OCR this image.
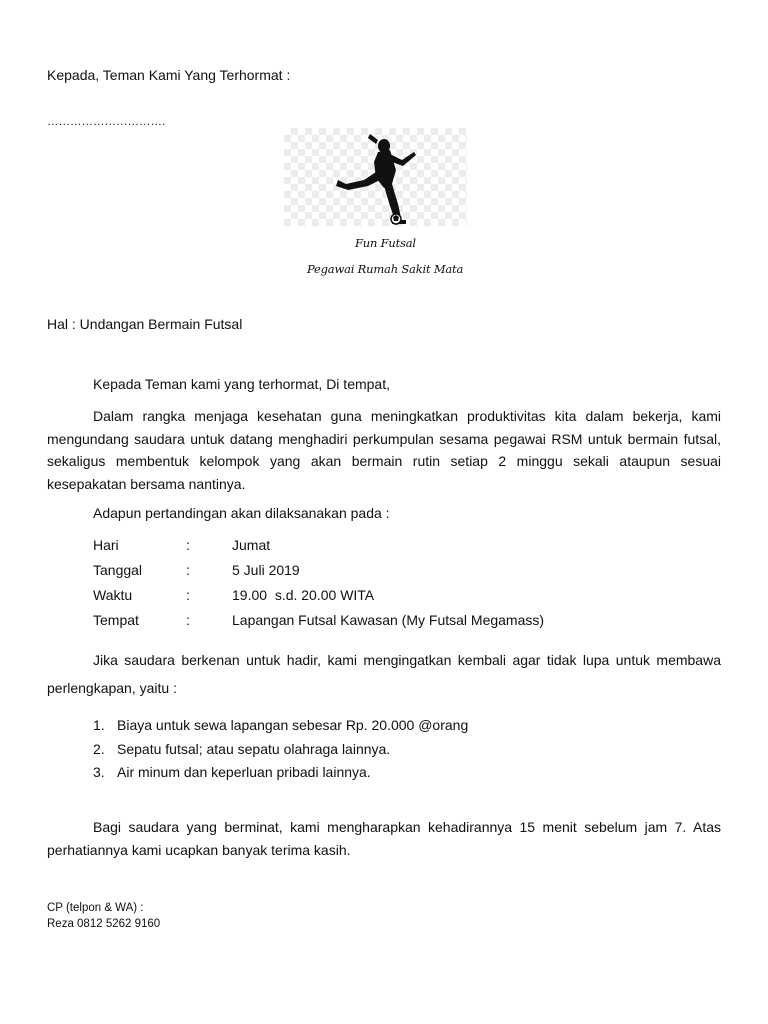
Kepada, Teman Kami Yang Terhormat :
………………………….
Fun Futsal
Pegawai Rumah Sakit Mata
Hal : Undangan Bermain Futsal
Kepada Teman kami yang terhormat, Di tempat,
Dalam rangka menjaga kesehatan guna meningkatkan produktivitas kita dalam bekerja, kami mengundang saudara untuk datang menghadiri perkumpulan sesama pegawai RSM untuk bermain futsal, sekaligus membentuk kelompok yang akan bermain rutin setiap 2 minggu sekali ataupun sesuai kesepakatan bersama nantinya.
Adapun pertandingan akan dilaksanakan pada :
Hari	:	Jumat
Tanggal	:	5 Juli 2019
Waktu	:	19.00  s.d. 20.00 WITA
Tempat	:	Lapangan Futsal Kawasan (My Futsal Megamass)
Jika saudara berkenan untuk hadir, kami mengingatkan kembali agar tidak lupa untuk membawa
perlengkapan, yaitu :
1. Biaya untuk sewa lapangan sebesar Rp. 20.000 @orang
2. Sepatu futsal; atau sepatu olahraga lainnya.
3. Air minum dan keperluan pribadi lainnya.
Bagi saudara yang berminat, kami mengharapkan kehadirannya 15 menit sebelum jam 7. Atas perhatiannya kami ucapkan banyak terima kasih.
CP (telpon & WA) :
Reza 0812 5262 9160
